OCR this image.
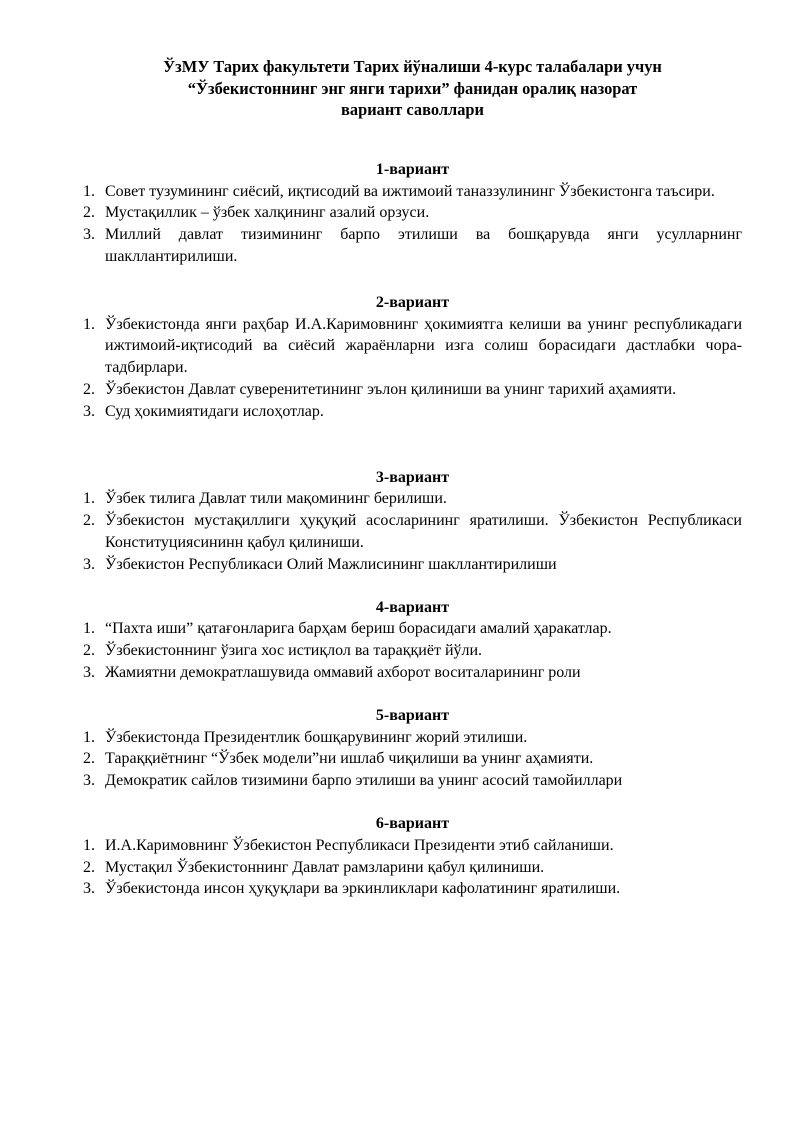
ЎзМУ Тарих факультети Тарих йўналиши 4-курс талабалари учун
“Ўзбекистоннинг энг янги тарихи” фанидан оралиқ назорат
вариант саволлари
1-вариант
1. Совет тузумининг сиёсий, иқтисодий ва ижтимоий таназзулининг Ўзбекистонга таъсири.
2. Мустақиллик – ўзбек халқининг азалий орзуси.
3. Миллий давлат тизимининг барпо этилиши ва бошқарувда янги усулларнинг шакллантирилиши.
2-вариант
1. Ўзбекистонда янги раҳбар И.А.Каримовнинг ҳокимиятга келиши ва унинг республикадаги ижтимоий-иқтисодий ва сиёсий жараёнларни изга солиш борасидаги дастлабки чора-тадбирлари.
2. Ўзбекистон Давлат суверенитетининг эълон қилиниши ва унинг тарихий аҳамияти.
3. Суд ҳокимиятидаги ислоҳотлар.
3-вариант
1. Ўзбек тилига Давлат тили мақомининг берилиши.
2. Ўзбекистон мустақиллиги ҳуқуқий асосларининг яратилиши. Ўзбекистон Республикаси Конституциясининн қабул қилиниши.
3. Ўзбекистон Республикаси Олий Мажлисининг шакллантирилиши
4-вариант
1. “Пахта иши” қатағонларига барҳам бериш борасидаги амалий ҳаракатлар.
2. Ўзбекистоннинг ўзига хос истиқлол ва тараққиёт йўли.
3. Жамиятни демократлашувида оммавий ахборот воситаларининг роли
5-вариант
1. Ўзбекистонда Президентлик бошқарувининг жорий этилиши.
2. Тараққиётнинг “Ўзбек модели”ни ишлаб чиқилиши ва унинг аҳамияти.
3. Демократик сайлов тизимини барпо этилиши ва унинг асосий тамойиллари
6-вариант
1. И.А.Каримовнинг Ўзбекистон Республикаси Президенти этиб сайланиши.
2. Мустақил Ўзбекистоннинг Давлат рамзларини қабул қилиниши.
3. Ўзбекистонда инсон ҳуқуқлари ва эркинликлари кафолатининг яратилиши.
